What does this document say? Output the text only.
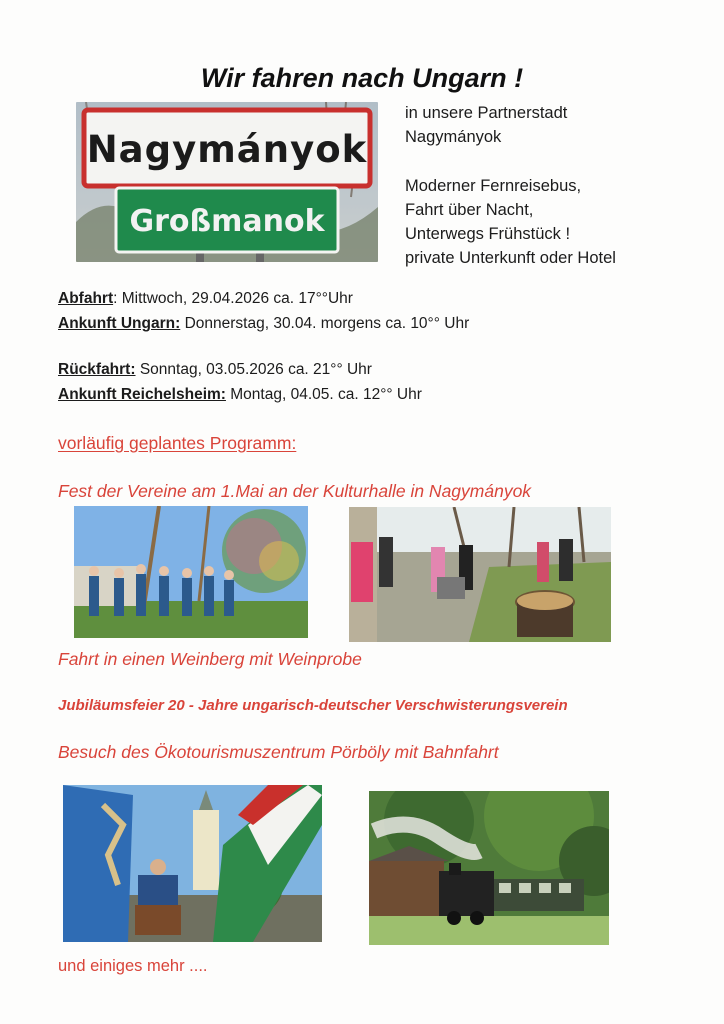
Wir fahren nach Ungarn !
Nagymányok
Großmanok
in unsere Partnerstadt
Nagymányok
Moderner Fernreisebus,
Fahrt über Nacht,
Unterwegs Frühstück !
private Unterkunft oder Hotel
Abfahrt: Mittwoch, 29.04.2026 ca. 17°°Uhr
Ankunft Ungarn: Donnerstag, 30.04. morgens ca. 10°° Uhr
Rückfahrt: Sonntag, 03.05.2026 ca. 21°° Uhr
Ankunft Reichelsheim: Montag, 04.05. ca. 12°° Uhr
vorläufig geplantes Programm:
Fest der Vereine am 1.Mai an der Kulturhalle in Nagymányok
Fahrt in einen Weinberg mit Weinprobe
Jubiläumsfeier 20 - Jahre ungarisch-deutscher Verschwisterungsverein
Besuch des Ökotourismuszentrum Pörböly mit Bahnfahrt
und einiges mehr ....
